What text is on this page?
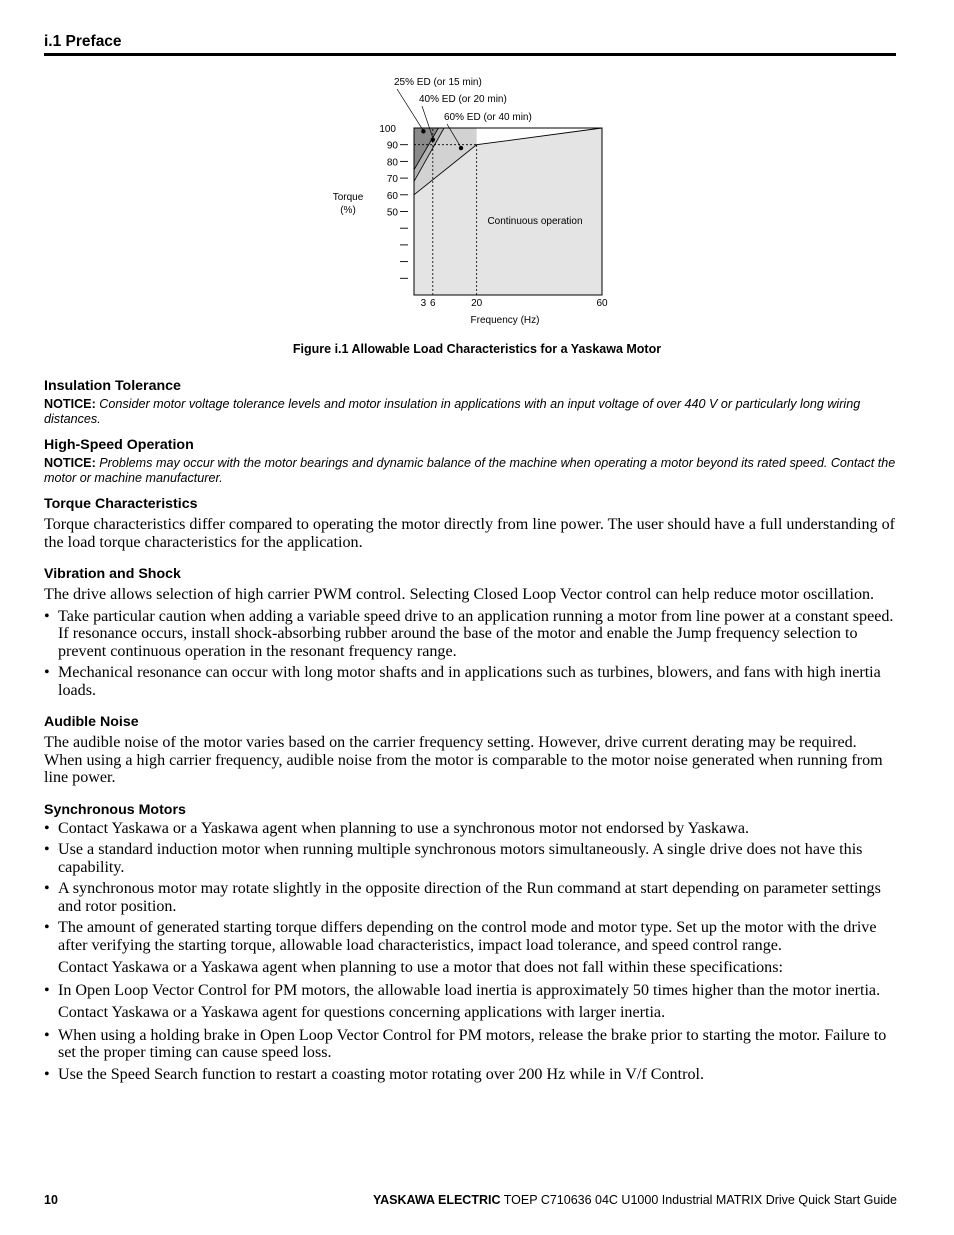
i.1 Preface
100
90
80
70
60
50
3 6	20	60
Torque
(%)
Frequency (Hz)
Continuous operation
25% ED (or 15 min)
40% ED (or 20 min)
60% ED (or 40 min)
Figure i.1 Allowable Load Characteristics for a Yaskawa Motor
Insulation Tolerance
NOTICE: Consider motor voltage tolerance levels and motor insulation in applications with an input voltage of over 440 V or particularly long wiring distances.
High-Speed Operation
NOTICE: Problems may occur with the motor bearings and dynamic balance of the machine when operating a motor beyond its rated speed. Contact the motor or machine manufacturer.
Torque Characteristics

Torque characteristics differ compared to operating the motor directly from line power. The user should have a full understanding of the load torque characteristics for the application.

Vibration and Shock

The drive allows selection of high carrier PWM control. Selecting Closed Loop Vector control can help reduce motor oscillation.

• Take particular caution when adding a variable speed drive to an application running a motor from line power at a constant speed. If resonance occurs, install shock-absorbing rubber around the base of the motor and enable the Jump frequency selection to prevent continuous operation in the resonant frequency range.
• Mechanical resonance can occur with long motor shafts and in applications such as turbines, blowers, and fans with high inertia loads.
Audible Noise

The audible noise of the motor varies based on the carrier frequency setting. However, drive current derating may be required. When using a high carrier frequency, audible noise from the motor is comparable to the motor noise generated when running from line power.

Synchronous Motors
• Contact Yaskawa or a Yaskawa agent when planning to use a synchronous motor not endorsed by Yaskawa.
• Use a standard induction motor when running multiple synchronous motors simultaneously. A single drive does not have this capability.
• A synchronous motor may rotate slightly in the opposite direction of the Run command at start depending on parameter settings and rotor position.
• The amount of generated starting torque differs depending on the control mode and motor type. Set up the motor with the drive after verifying the starting torque, allowable load characteristics, impact load tolerance, and speed control range.

Contact Yaskawa or a Yaskawa agent when planning to use a motor that does not fall within these specifications:

• In Open Loop Vector Control for PM motors, the allowable load inertia is approximately 50 times higher than the motor inertia.

Contact Yaskawa or a Yaskawa agent for questions concerning applications with larger inertia.

• When using a holding brake in Open Loop Vector Control for PM motors, release the brake prior to starting the motor. Failure to set the proper timing can cause speed loss.
• Use the Speed Search function to restart a coasting motor rotating over 200 Hz while in V/f Control.
10	YASKAWA ELECTRIC TOEP C710636 04C U1000 Industrial MATRIX Drive Quick Start Guide
